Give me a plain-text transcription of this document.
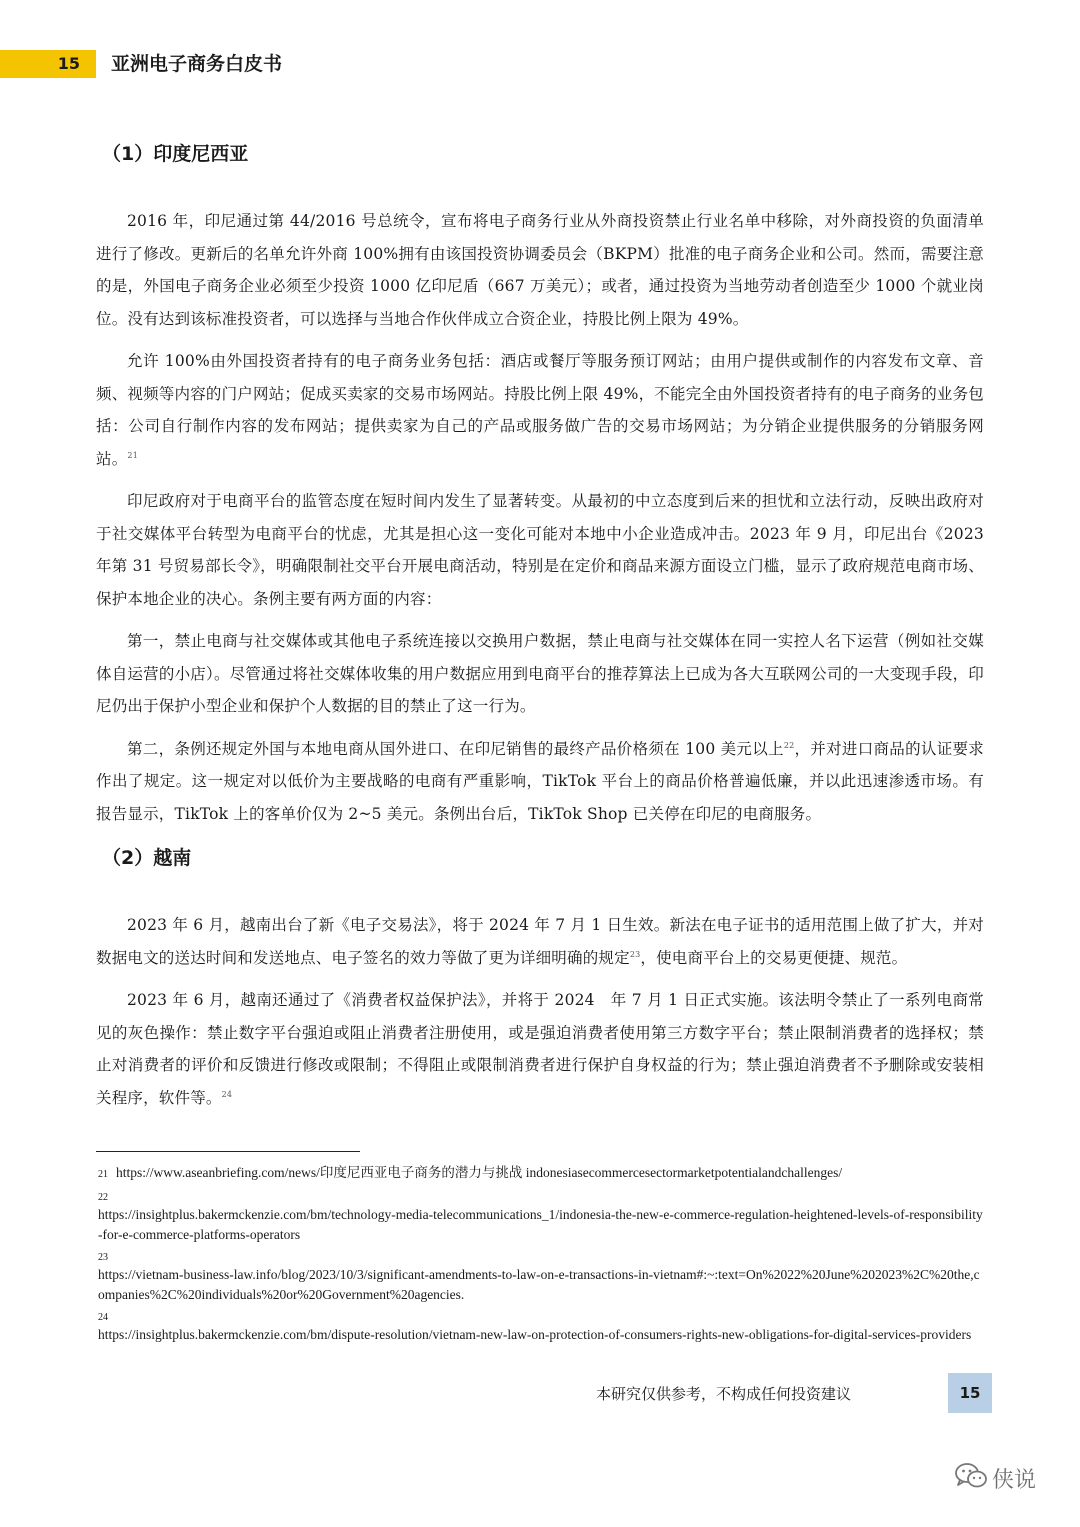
15	亚洲电子商务白皮书
（1）印度尼西亚

2016 年，印尼通过第 44/2016 号总统令，宣布将电子商务行业从外商投资禁止行业名单中移除，对外商投资的负面清单进行了修改。更新后的名单允许外商 100%拥有由该国投资协调委员会（BKPM）批准的电子商务企业和公司。然而，需要注意的是，外国电子商务企业必须至少投资 1000 亿印尼盾（667 万美元）；或者，通过投资为当地劳动者创造至少 1000 个就业岗位。没有达到该标准投资者，可以选择与当地合作伙伴成立合资企业，持股比例上限为 49%。

允许 100%由外国投资者持有的电子商务业务包括：酒店或餐厅等服务预订网站；由用户提供或制作的内容发布文章、音频、视频等内容的门户网站；促成买卖家的交易市场网站。持股比例上限 49%，不能完全由外国投资者持有的电子商务的业务包括：公司自行制作内容的发布网站；提供卖家为自己的产品或服务做广告的交易市场网站；为分销企业提供服务的分销服务网站。$^{21}$

印尼政府对于电商平台的监管态度在短时间内发生了显著转变。从最初的中立态度到后来的担忧和立法行动，反映出政府对于社交媒体平台转型为电商平台的忧虑，尤其是担心这一变化可能对本地中小企业造成冲击。2023 年 9 月，印尼出台《2023 年第 31 号贸易部长令》，明确限制社交平台开展电商活动，特别是在定价和商品来源方面设立门槛，显示了政府规范电商市场、保护本地企业的决心。条例主要有两方面的内容：

第一，禁止电商与社交媒体或其他电子系统连接以交换用户数据，禁止电商与社交媒体在同一实控人名下运营（例如社交媒体自运营的小店）。尽管通过将社交媒体收集的用户数据应用到电商平台的推荐算法上已成为各大互联网公司的一大变现手段，印尼仍出于保护小型企业和保护个人数据的目的禁止了这一行为。

第二，条例还规定外国与本地电商从国外进口、在印尼销售的最终产品价格须在 100 美元以上$^{22}$，并对进口商品的认证要求作出了规定。这一规定对以低价为主要战略的电商有严重影响，TikTok 平台上的商品价格普遍低廉，并以此迅速渗透市场。有报告显示，TikTok 上的客单价仅为 2~5 美元。条例出台后，TikTok Shop 已关停在印尼的电商服务。

（2）越南

2023 年 6 月，越南出台了新《电子交易法》，将于 2024 年 7 月 1 日生效。新法在电子证书的适用范围上做了扩大，并对数据电文的送达时间和发送地点、电子签名的效力等做了更为详细明确的规定$^{23}$，使电商平台上的交易更便捷、规范。

2023 年 6 月，越南还通过了《消费者权益保护法》，并将于 2024　年 7 月 1 日正式实施。该法明令禁止了一系列电商常见的灰色操作：禁止数字平台强迫或阻止消费者注册使用，或是强迫消费者使用第三方数字平台；禁止限制消费者的选择权；禁止对消费者的评价和反馈进行修改或限制；不得阻止或限制消费者进行保护自身权益的行为；禁止强迫消费者不予删除或安装相关程序，软件等。$^{24}$

21 https://www.aseanbriefing.com/news/印度尼西亚电子商务的潜力与挑战 indonesiasecommercesectormarketpotentialandchallenges/
22
https://insightplus.bakermckenzie.com/bm/technology-media-telecommunications_1/indonesia-the-new-e-commerce-regulation-heightened-levels-of-responsibility-for-e-commerce-platforms-operators
23
https://vietnam-business-law.info/blog/2023/10/3/significant-amendments-to-law-on-e-transactions-in-vietnam#:~:text=On%2022%20June%202023%2C%20the,companies%2C%20individuals%20or%20Government%20agencies.
24
https://insightplus.bakermckenzie.com/bm/dispute-resolution/vietnam-new-law-on-protection-of-consumers-rights-new-obligations-for-digital-services-providers
本研究仅供参考，不构成任何投资建议	15
侠说
